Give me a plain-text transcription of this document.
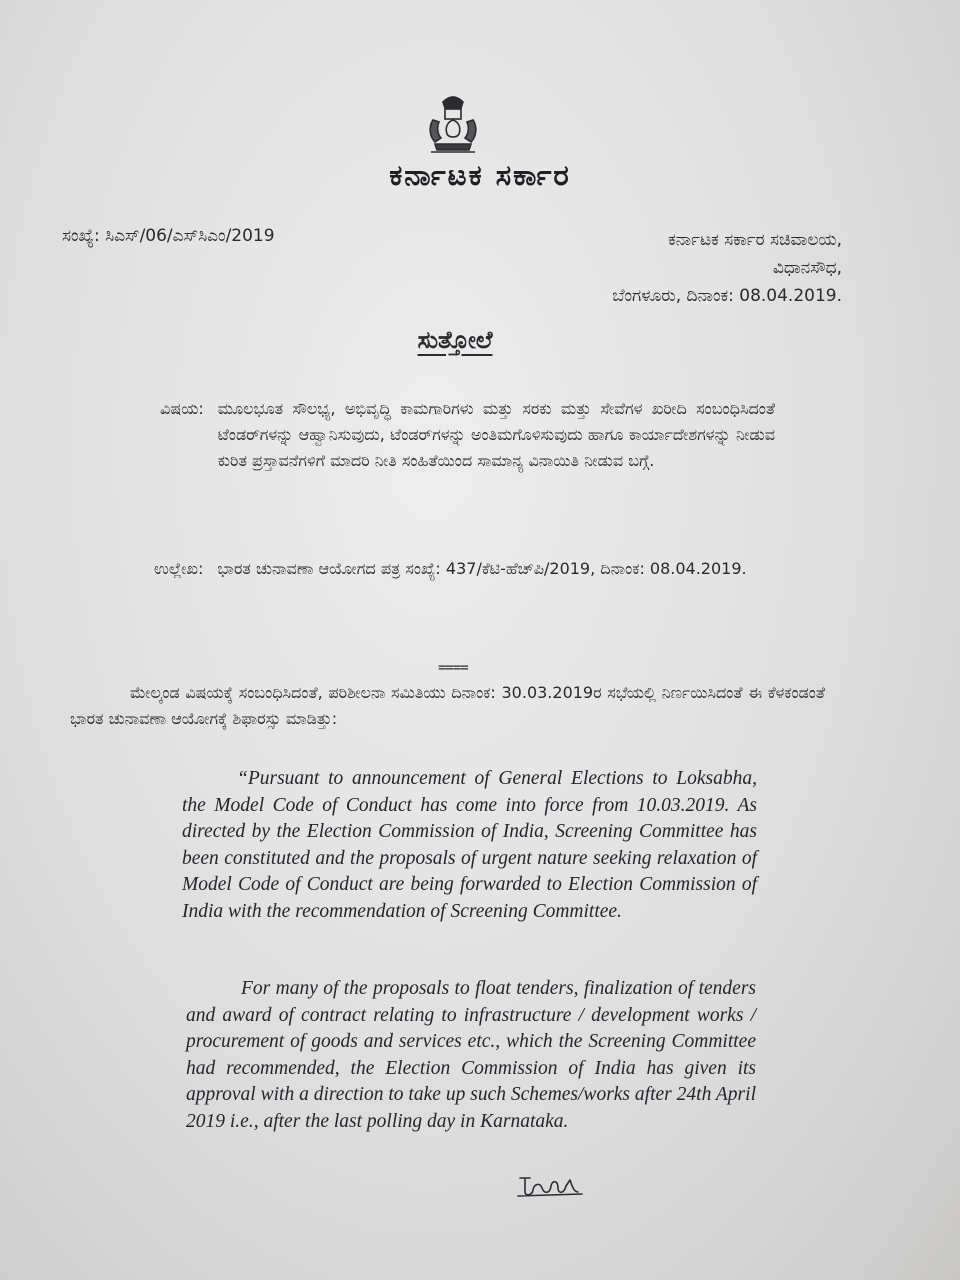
ಕರ್ನಾಟಕ ಸರ್ಕಾರ
ಸಂಖ್ಯೆ: ಸಿಎಸ್/06/ಎಸ್‌ಸಿಎಂ/2019	ಕರ್ನಾಟಕ ಸರ್ಕಾರ ಸಚಿವಾಲಯ,
ವಿಧಾನಸೌಧ,
ಬೆಂಗಳೂರು, ದಿನಾಂಕ: 08.04.2019.
ಸುತ್ತೋಲೆ
ವಿಷಯ: ಮೂಲಭೂತ ಸೌಲಭ್ಯ, ಅಭಿವೃದ್ಧಿ ಕಾಮಗಾರಿಗಳು ಮತ್ತು ಸರಕು ಮತ್ತು ಸೇವೆಗಳ ಖರೀದಿ ಸಂಬಂಧಿಸಿದಂತೆ ಟೆಂಡರ್‌ಗಳನ್ನು ಆಹ್ವಾನಿಸುವುದು, ಟೆಂಡರ್‌ಗಳನ್ನು ಅಂತಿಮಗೊಳಿಸುವುದು ಹಾಗೂ ಕಾರ್ಯಾದೇಶಗಳನ್ನು ನೀಡುವ ಕುರಿತ ಪ್ರಸ್ತಾವನೆಗಳಿಗೆ ಮಾದರಿ ನೀತಿ ಸಂಹಿತೆಯಿಂದ ಸಾಮಾನ್ಯ ವಿನಾಯಿತಿ ನೀಡುವ ಬಗ್ಗೆ.
ಉಲ್ಲೇಖ: ಭಾರತ ಚುನಾವಣಾ ಆಯೋಗದ ಪತ್ರ ಸಂಖ್ಯೆ: 437/ಕೆಟಿ-ಹೆಚ್‌ಪಿ/2019, ದಿನಾಂಕ: 08.04.2019.
====
ಮೇಲ್ಕಂಡ ವಿಷಯಕ್ಕೆ ಸಂಬಂಧಿಸಿದಂತೆ, ಪರಿಶೀಲನಾ ಸಮಿತಿಯು ದಿನಾಂಕ: 30.03.2019ರ ಸಭೆಯಲ್ಲಿ ನಿರ್ಣಯಿಸಿದಂತೆ ಈ ಕೆಳಕಂಡಂತೆ ಭಾರತ ಚುನಾವಣಾ ಆಯೋಗಕ್ಕೆ ಶಿಫಾರಸ್ಸು ಮಾಡಿತ್ತು:
“Pursuant to announcement of General Elections to Loksabha, the Model Code of Conduct has come into force from 10.03.2019. As directed by the Election Commission of India, Screening Committee has been constituted and the proposals of urgent nature seeking relaxation of Model Code of Conduct are being forwarded to Election Commission of India with the recommendation of Screening Committee.
For many of the proposals to float tenders, finalization of tenders and award of contract relating to infrastructure / development works / procurement of goods and services etc., which the Screening Committee had recommended, the Election Commission of India has given its approval with a direction to take up such Schemes/works after 24th April 2019 i.e., after the last polling day in Karnataka.
